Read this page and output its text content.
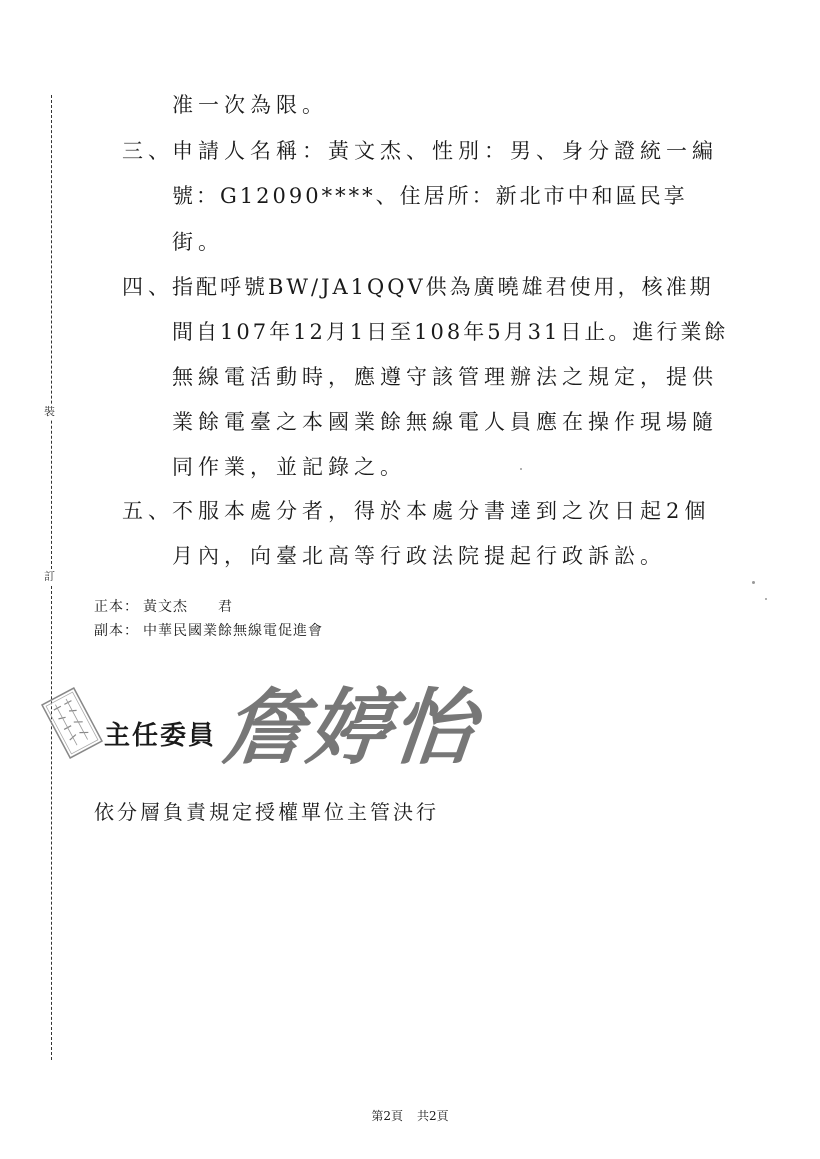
裝
訂
准一次為限。
三、
申請人名稱：黃文杰、性別：男、身分證統一編
號：G12090****、住居所：新北市中和區民享
街。
四、
指配呼號BW/JA1QQV供為廣曉雄君使用，核准期
間自107年12月1日至108年5月31日止。進行業餘
無線電活動時，應遵守該管理辦法之規定，提供
業餘電臺之本國業餘無線電人員應在操作現場隨
同作業，並記錄之。
五、
不服本處分者，得於本處分書達到之次日起2個
月內，向臺北高等行政法院提起行政訴訟。
正本： 黃文杰 君
副本： 中華民國業餘無線電促進會
主任委員 詹婷怡
依分層負責規定授權單位主管決行
第2頁 共2頁
